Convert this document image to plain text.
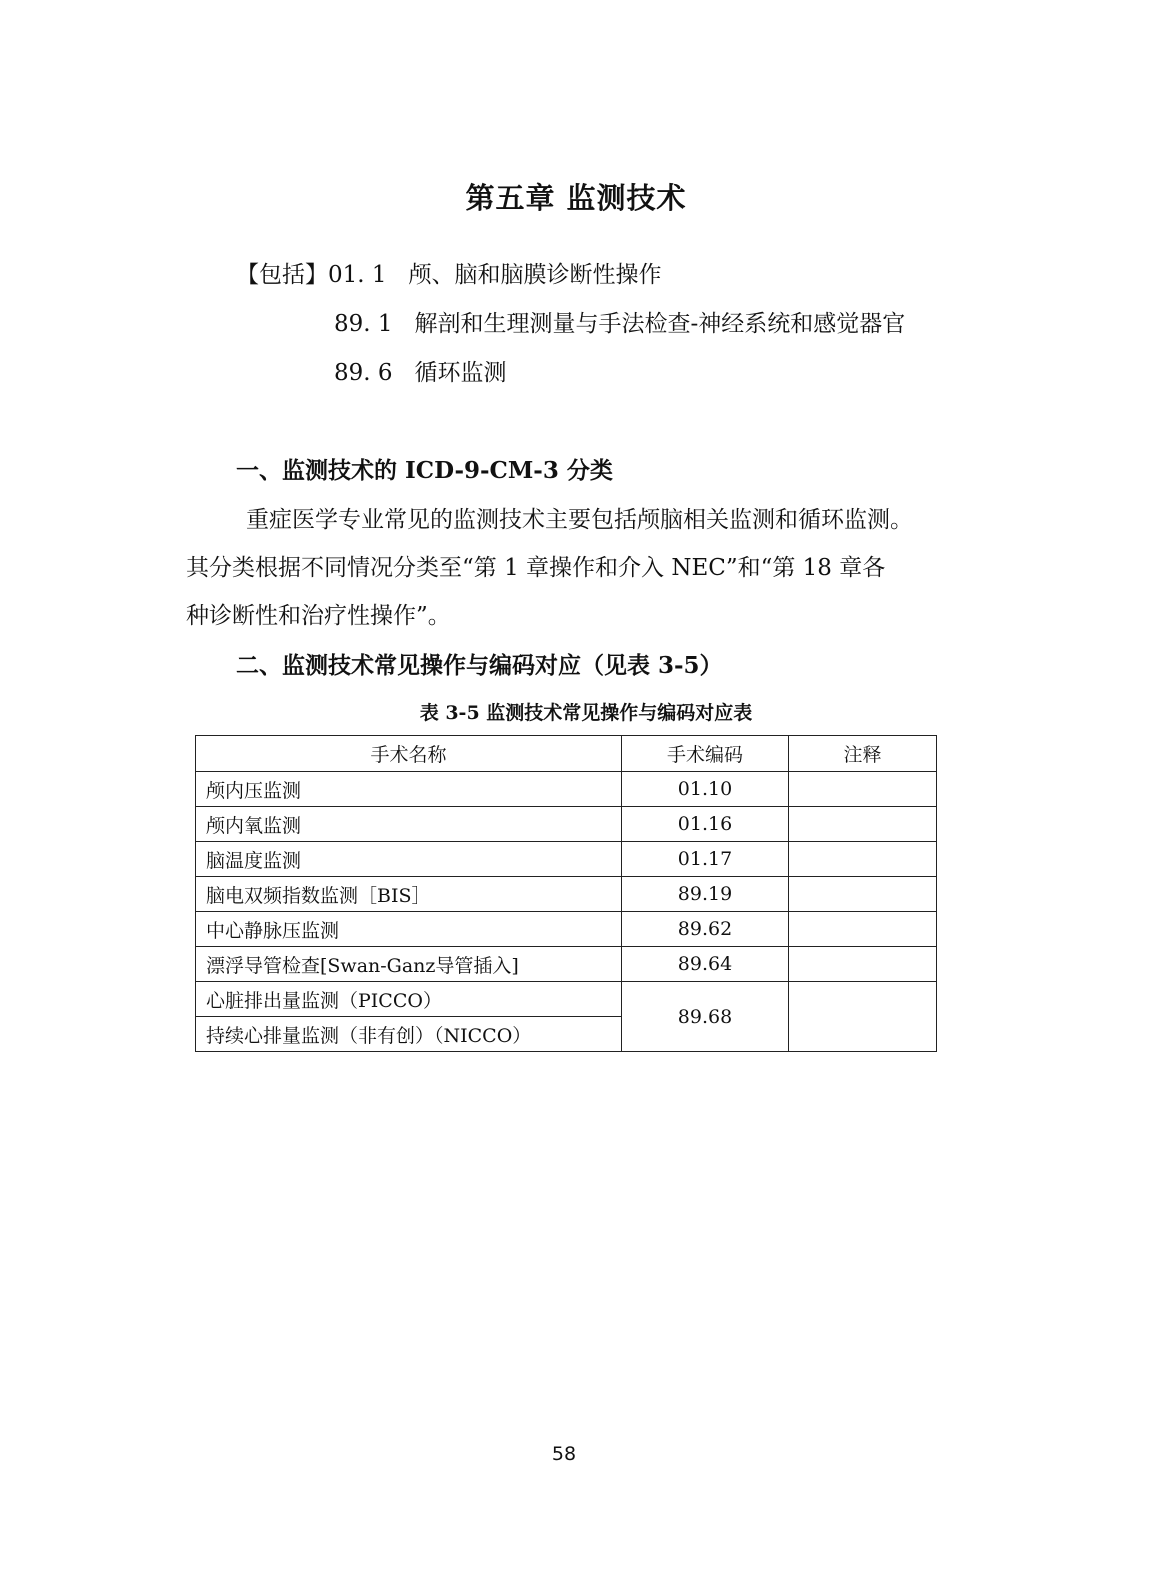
第五章 监测技术
【包括】01. 1 颅、脑和脑膜诊断性操作
89. 1 解剖和生理测量与手法检查-神经系统和感觉器官
89. 6 循环监测
一、监测技术的 ICD-9-CM-3 分类
重症医学专业常见的监测技术主要包括颅脑相关监测和循环监测。
其分类根据不同情况分类至“第 1 章操作和介入 NEC”和“第 18 章各
种诊断性和治疗性操作”。
二、监测技术常见操作与编码对应（见表 3-5）
表 3-5 监测技术常见操作与编码对应表
手术名称	手术编码	注释
颅内压监测	01.10	
颅内氧监测	01.16	
脑温度监测	01.17	
脑电双频指数监测［BIS］	89.19	
中心静脉压监测	89.62	
漂浮导管检查[Swan-Ganz导管插入]	89.64	
心脏排出量监测（PICCO）	89.68	
持续心排量监测（非有创）（NICCO）		
58
